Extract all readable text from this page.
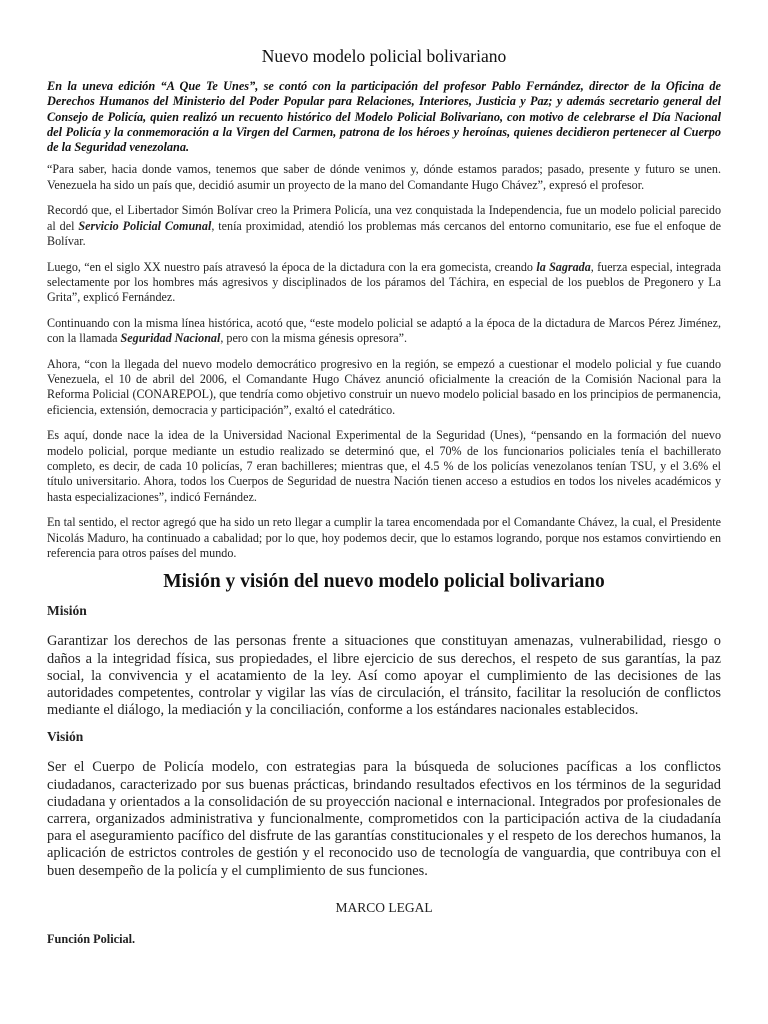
Nuevo modelo policial bolivariano

En la uneva edición “A Que Te Unes”, se contó con la participación del profesor Pablo Fernández, director de la Oficina de Derechos Humanos del Ministerio del Poder Popular para Relaciones, Interiores, Justicia y Paz; y además secretario general del Consejo de Policía, quien realizó un recuento histórico del Modelo Policial Bolivariano, con motivo de celebrarse el Día Nacional del Policía y la conmemoración a la Virgen del Carmen, patrona de los héroes y heroínas, quienes decidieron pertenecer al Cuerpo de la Seguridad venezolana.

“Para saber, hacia donde vamos, tenemos que saber de dónde venimos y, dónde estamos parados; pasado, presente y futuro se unen. Venezuela ha sido un país que, decidió asumir un proyecto de la mano del Comandante Hugo Chávez”, expresó el profesor.

Recordó que, el Libertador Simón Bolívar creo la Primera Policía, una vez conquistada la Independencia, fue un modelo policial parecido al del Servicio Policial Comunal, tenía proximidad, atendió los problemas más cercanos del entorno comunitario, ese fue el enfoque de Bolívar.

Luego, “en el siglo XX nuestro país atravesó la época de la dictadura con la era gomecista, creando la Sagrada, fuerza especial, integrada selectamente por los hombres más agresivos y disciplinados de los páramos del Táchira, en especial de los pueblos de Pregonero y La Grita”, explicó Fernández.

Continuando con la misma línea histórica, acotó que, “este modelo policial se adaptó a la época de la dictadura de Marcos Pérez Jiménez, con la llamada Seguridad Nacional, pero con la misma génesis opresora”.

Ahora, “con la llegada del nuevo modelo democrático progresivo en la región, se empezó a cuestionar el modelo policial y fue cuando Venezuela, el 10 de abril del 2006, el Comandante Hugo Chávez anunció oficialmente la creación de la Comisión Nacional para la Reforma Policial (CONAREPOL), que tendría como objetivo construir un nuevo modelo policial basado en los principios de permanencia, eficiencia, extensión, democracia y participación”, exaltó el catedrático.

Es aquí, donde nace la idea de la Universidad Nacional Experimental de la Seguridad (Unes), “pensando en la formación del nuevo modelo policial, porque mediante un estudio realizado se determinó que, el 70% de los funcionarios policiales tenía el bachillerato completo, es decir, de cada 10 policías, 7 eran bachilleres; mientras que, el 4.5 % de los policías venezolanos tenían TSU, y el 3.6% el título universitario. Ahora, todos los Cuerpos de Seguridad de nuestra Nación tienen acceso a estudios en todos los niveles académicos y hasta especializaciones”, indicó Fernández.

En tal sentido, el rector agregó que ha sido un reto llegar a cumplir la tarea encomendada por el Comandante Chávez, la cual, el Presidente Nicolás Maduro, ha continuado a cabalidad; por lo que, hoy podemos decir, que lo estamos logrando, porque nos estamos convirtiendo en referencia para otros países del mundo.

Misión y visión del nuevo modelo policial bolivariano
Misión

Garantizar los derechos de las personas frente a situaciones que constituyan amenazas, vulnerabilidad, riesgo o daños a la integridad física, sus propiedades, el libre ejercicio de sus derechos, el respeto de sus garantías, la paz social, la convivencia y el acatamiento de la ley. Así como apoyar el cumplimiento de las decisiones de las autoridades competentes, controlar y vigilar las vías de circulación, el tránsito, facilitar la resolución de conflictos mediante el diálogo, la mediación y la conciliación, conforme a los estándares nacionales establecidos.

Visión

Ser el Cuerpo de Policía modelo, con estrategias para la búsqueda de soluciones pacíficas a los conflictos ciudadanos, caracterizado por sus buenas prácticas, brindando resultados efectivos en los términos de la seguridad ciudadana y orientados a la consolidación de su proyección nacional e internacional. Integrados por profesionales de carrera, organizados administrativa y funcionalmente, comprometidos con la participación activa de la ciudadanía para el aseguramiento pacífico del disfrute de las garantías constitucionales y el respeto de los derechos humanos, la aplicación de estrictos controles de gestión y el reconocido uso de tecnología de vanguardia, que contribuya con el buen desempeño de la policía y el cumplimiento de sus funciones.

MARCO LEGAL
Función Policial.
